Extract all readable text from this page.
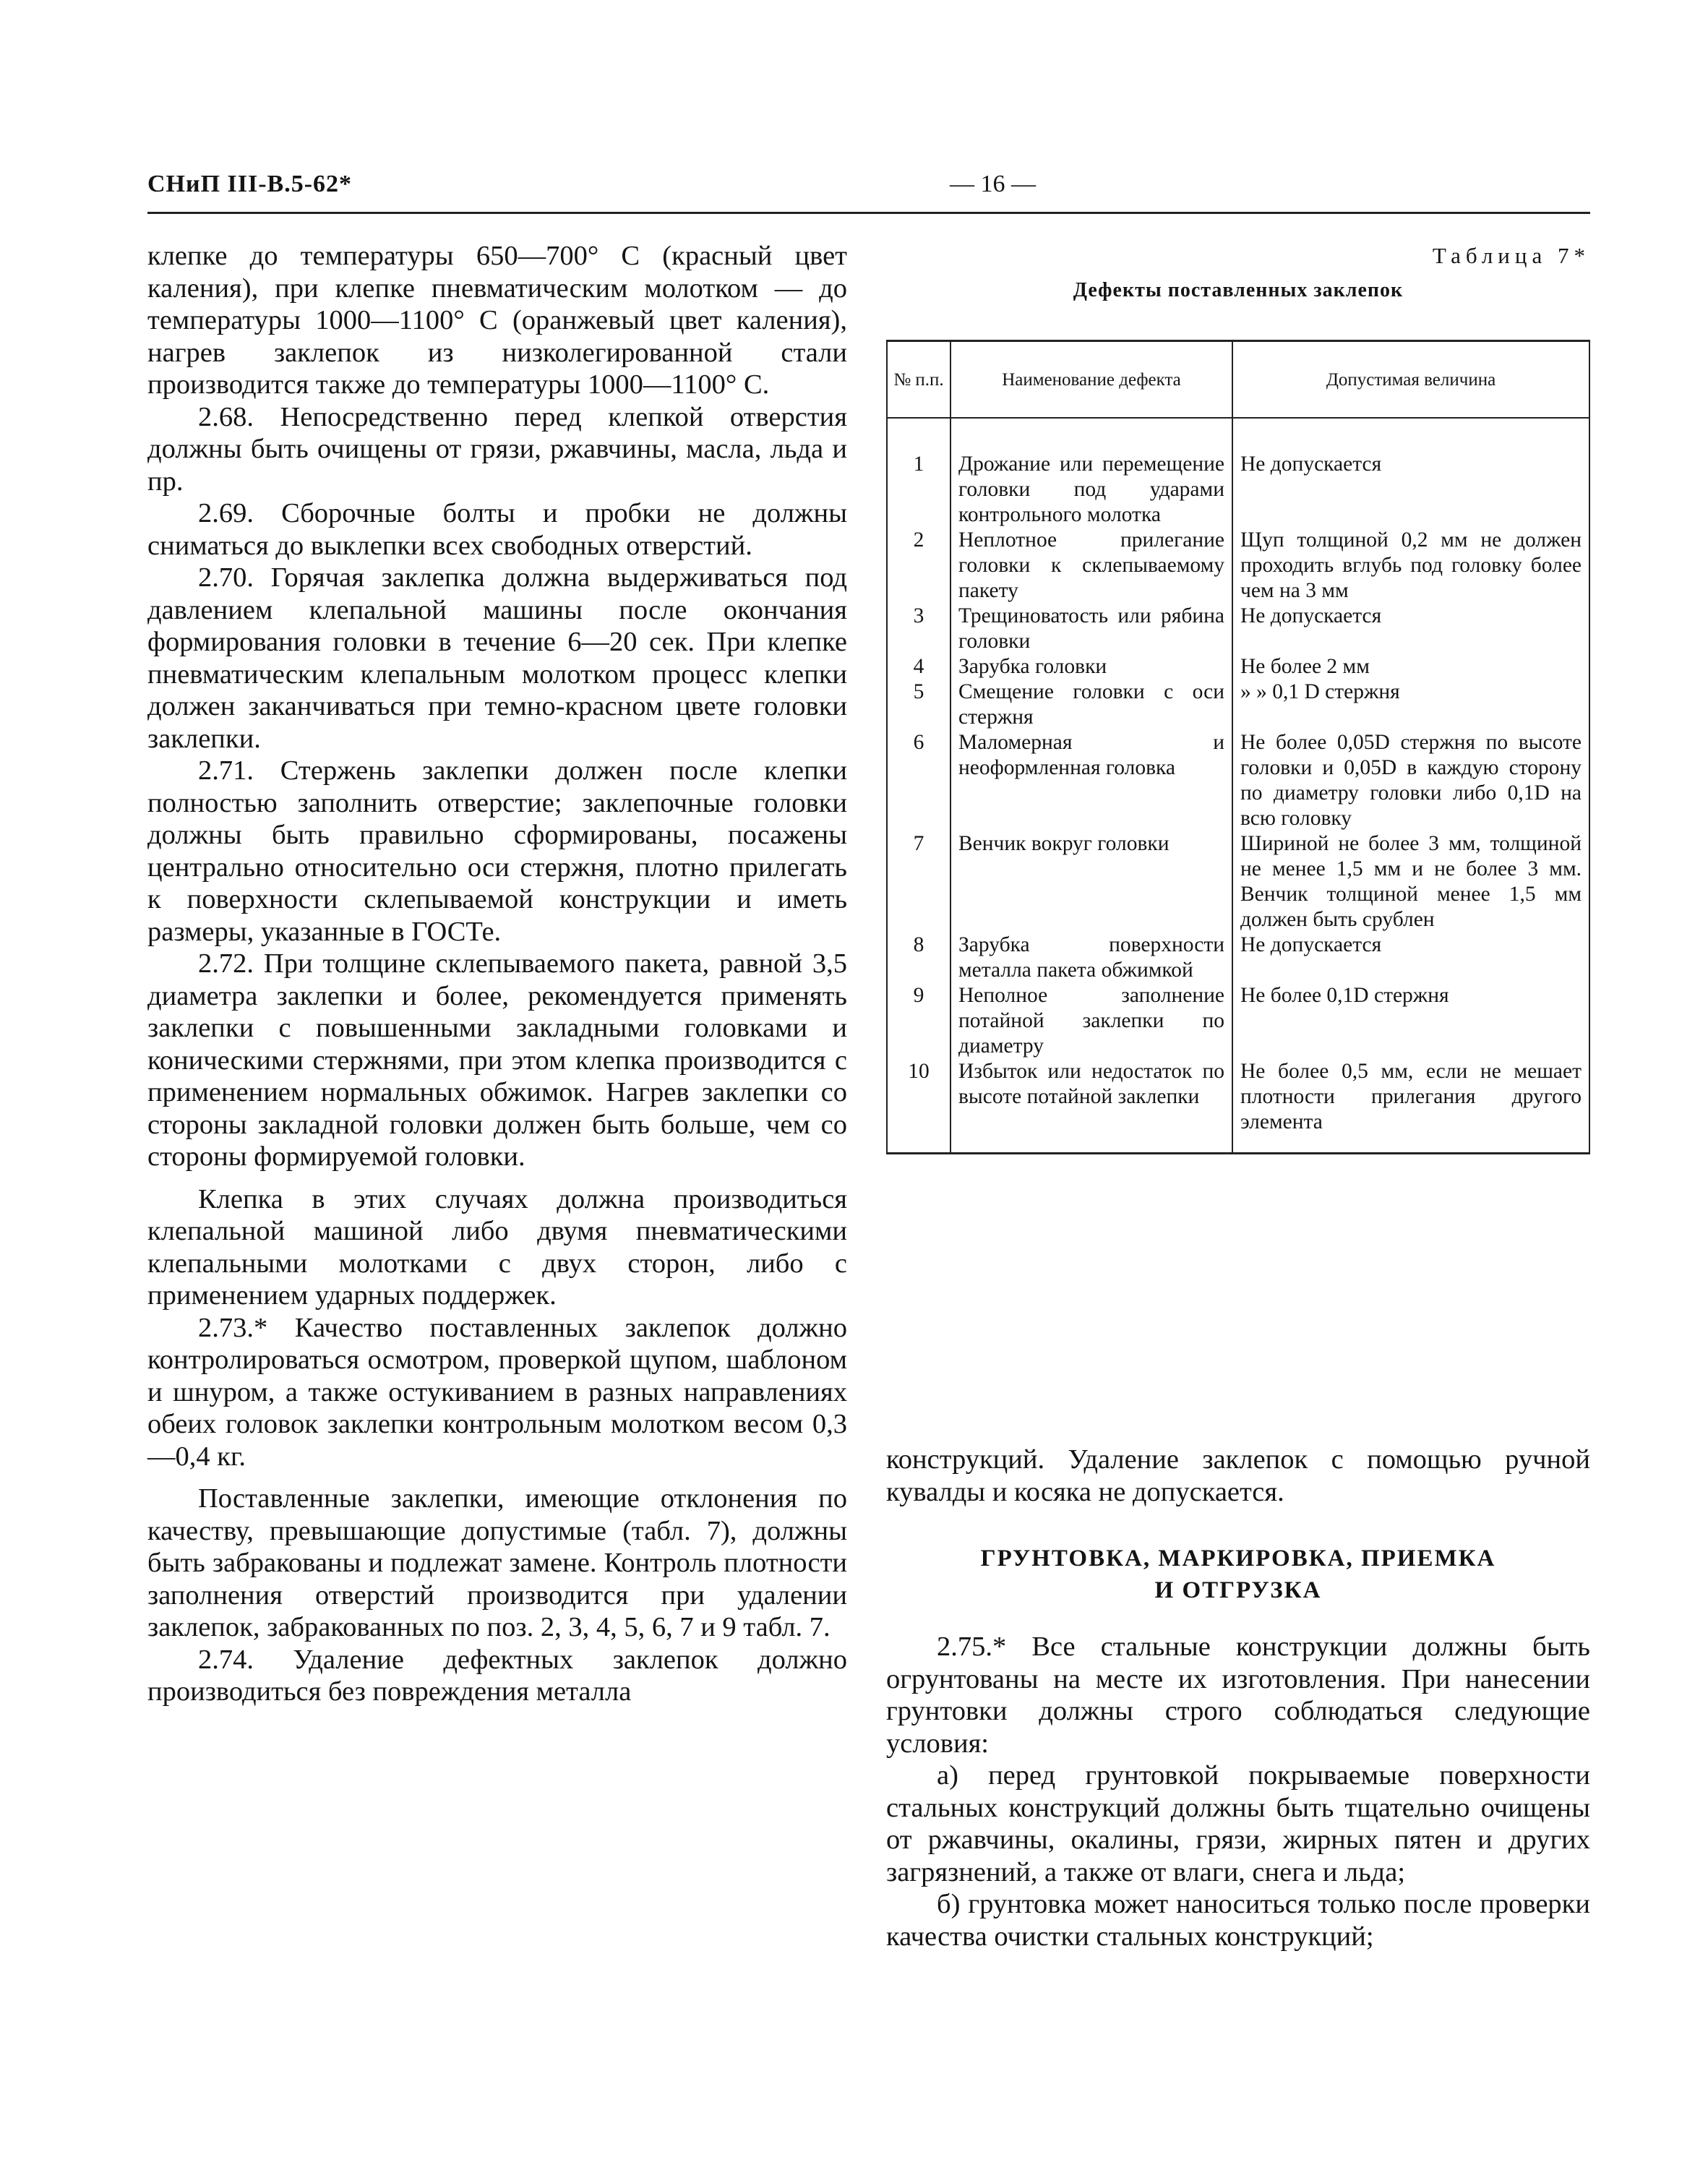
СНиП III-В.5-62*	— 16 —

клепке до температуры 650—700° С (красный цвет каления), при клепке пневматическим молотком — до температуры 1000—1100° С (оранжевый цвет каления), нагрев заклепок из низколегированной стали производится также до температуры 1000—1100° С.

2.68. Непосредственно перед клепкой отверстия должны быть очищены от грязи, ржавчины, масла, льда и пр.

2.69. Сборочные болты и пробки не должны сниматься до выклепки всех свободных отверстий.

2.70. Горячая заклепка должна выдерживаться под давлением клепальной машины после окончания формирования головки в течение 6—20 сек. При клепке пневматическим клепальным молотком процесс клепки должен заканчиваться при темно-красном цвете головки заклепки.

2.71. Стержень заклепки должен после клепки полностью заполнить отверстие; заклепочные головки должны быть правильно сформированы, посажены центрально относительно оси стержня, плотно прилегать к поверхности склепываемой конструкции и иметь размеры, указанные в ГОСТе.

2.72. При толщине склепываемого пакета, равной 3,5 диаметра заклепки и более, рекомендуется применять заклепки с повышенными закладными головками и коническими стержнями, при этом клепка производится с применением нормальных обжимок. Нагрев заклепки со стороны закладной головки должен быть больше, чем со стороны формируемой головки.

Клепка в этих случаях должна производиться клепальной машиной либо двумя пневматическими клепальными молотками с двух сторон, либо с применением ударных поддержек.

2.73.* Качество поставленных заклепок должно контролироваться осмотром, проверкой щупом, шаблоном и шнуром, а также остукиванием в разных направлениях обеих головок заклепки контрольным молотком весом 0,3—0,4 кг.

Поставленные заклепки, имеющие отклонения по качеству, превышающие допустимые (табл. 7), должны быть забракованы и подлежат замене. Контроль плотности заполнения отверстий производится при удалении заклепок, забракованных по поз. 2, 3, 4, 5, 6, 7 и 9 табл. 7.

2.74. Удаление дефектных заклепок должно производиться без повреждения металла

Таблица 7*
Дефекты поставленных заклепок
№ п.п.	Наименование дефекта	Допустимая величина
1	Дрожание или перемещение головки под ударами контрольного молотка	Не допускается
2	Неплотное прилегание головки к склепываемому пакету	Щуп толщиной 0,2 мм не должен проходить вглубь под головку более чем на 3 мм
3	Трещиноватость или рябина головки	Не допускается
4	Зарубка головки	Не более 2 мм
5	Смещение головки с оси стержня	» » 0,1 D стержня
6	Маломерная и неоформленная головка	Не более 0,05D стержня по высоте головки и 0,05D в каждую сторону по диаметру головки либо 0,1D на всю головку
7	Венчик вокруг головки	Шириной не более 3 мм, толщиной не менее 1,5 мм и не более 3 мм. Венчик толщиной менее 1,5 мм должен быть срублен
8	Зарубка поверхности металла пакета обжимкой	Не допускается
9	Неполное заполнение потайной заклепки по диаметру	Не более 0,1D стержня
10	Избыток или недостаток по высоте потайной заклепки	Не более 0,5 мм, если не мешает плотности прилегания другого элемента

конструкций. Удаление заклепок с помощью ручной кувалды и косяка не допускается.

ГРУНТОВКА, МАРКИРОВКА, ПРИЕМКА
И ОТГРУЗКА

2.75.* Все стальные конструкции должны быть огрунтованы на месте их изготовления. При нанесении грунтовки должны строго соблюдаться следующие условия:

а) перед грунтовкой покрываемые поверхности стальных конструкций должны быть тщательно очищены от ржавчины, окалины, грязи, жирных пятен и других загрязнений, а также от влаги, снега и льда;

б) грунтовка может наноситься только после проверки качества очистки стальных конструкций;
